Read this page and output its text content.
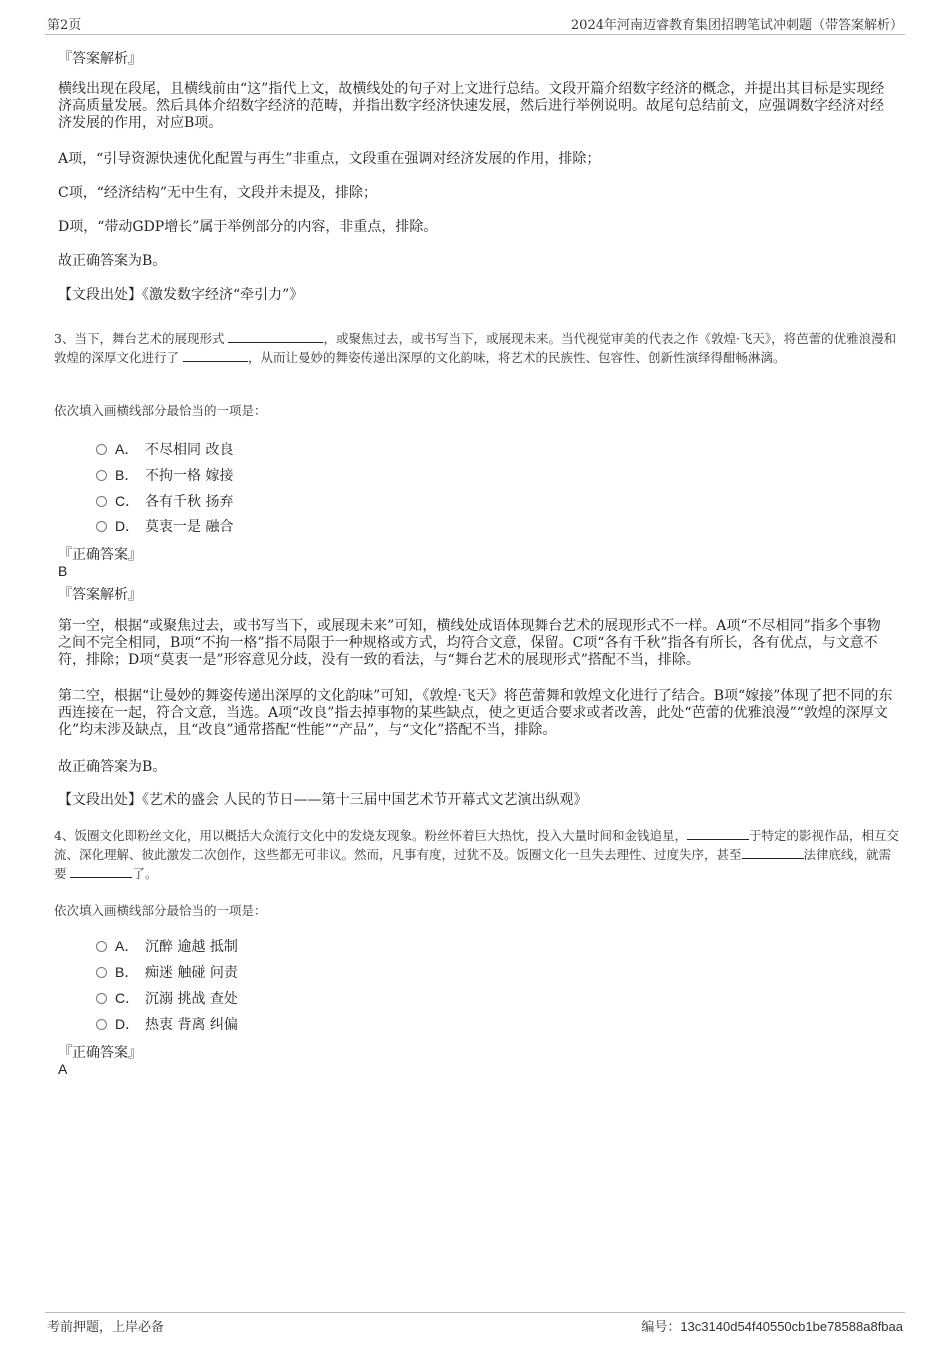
第2页	2024年河南迈睿教育集团招聘笔试冲刺题（带答案解析）
『答案解析』
横线出现在段尾，且横线前由“这”指代上文，故横线处的句子对上文进行总结。文段开篇介绍数字经济的概念，并提出其目标是实现经济高质量发展。然后具体介绍数字经济的范畴，并指出数字经济快速发展，然后进行举例说明。故尾句总结前文，应强调数字经济对经济发展的作用，对应B项。
A项，“引导资源快速优化配置与再生”非重点，文段重在强调对经济发展的作用，排除；
C项，“经济结构”无中生有，文段并未提及，排除；
D项，“带动GDP增长”属于举例部分的内容，非重点，排除。
故正确答案为B。
【文段出处】《激发数字经济“牵引力”》
3、当下，舞台艺术的展现形式	，或聚焦过去，或书写当下，或展现未来。当代视觉审美的代表之作《敦煌·飞天》，将芭蕾的优雅浪漫和敦煌的深厚文化进行了	，从而让曼妙的舞姿传递出深厚的文化韵味，将艺术的民族性、包容性、创新性演绎得酣畅淋漓。
依次填入画横线部分最恰当的一项是：
A． 不尽相同 改良
B． 不拘一格 嫁接
C． 各有千秋 扬弃
D． 莫衷一是 融合
『正确答案』
B
『答案解析』
第一空，根据“或聚焦过去，或书写当下，或展现未来”可知，横线处成语体现舞台艺术的展现形式不一样。A项“不尽相同”指多个事物之间不完全相同，B项“不拘一格”指不局限于一种规格或方式，均符合文意，保留。C项“各有千秋”指各有所长，各有优点，与文意不符，排除；D项“莫衷一是”形容意见分歧，没有一致的看法，与“舞台艺术的展现形式”搭配不当，排除。
第二空，根据“让曼妙的舞姿传递出深厚的文化韵味”可知，《敦煌·飞天》将芭蕾舞和敦煌文化进行了结合。B项“嫁接”体现了把不同的东西连接在一起，符合文意，当选。A项“改良”指去掉事物的某些缺点，使之更适合要求或者改善，此处“芭蕾的优雅浪漫”“敦煌的深厚文化”均未涉及缺点，且“改良”通常搭配“性能”“产品”，与“文化”搭配不当，排除。
故正确答案为B。
【文段出处】《艺术的盛会 人民的节日——第十三届中国艺术节开幕式文艺演出纵观》
4、饭圈文化即粉丝文化，用以概括大众流行文化中的发烧友现象。粉丝怀着巨大热忱，投入大量时间和金钱追星，	于特定的影视作品，相互交流、深化理解、彼此激发二次创作，这些都无可非议。然而，凡事有度，过犹不及。饭圈文化一旦失去理性、过度失序，甚至	法律底线，就需要	了。
依次填入画横线部分最恰当的一项是：
A． 沉醉 逾越 抵制
B． 痴迷 触碰 问责
C． 沉溺 挑战 查处
D． 热衷 背离 纠偏
『正确答案』
A
考前押题，上岸必备	编号：13c3140d54f40550cb1be78588a8fbaa
